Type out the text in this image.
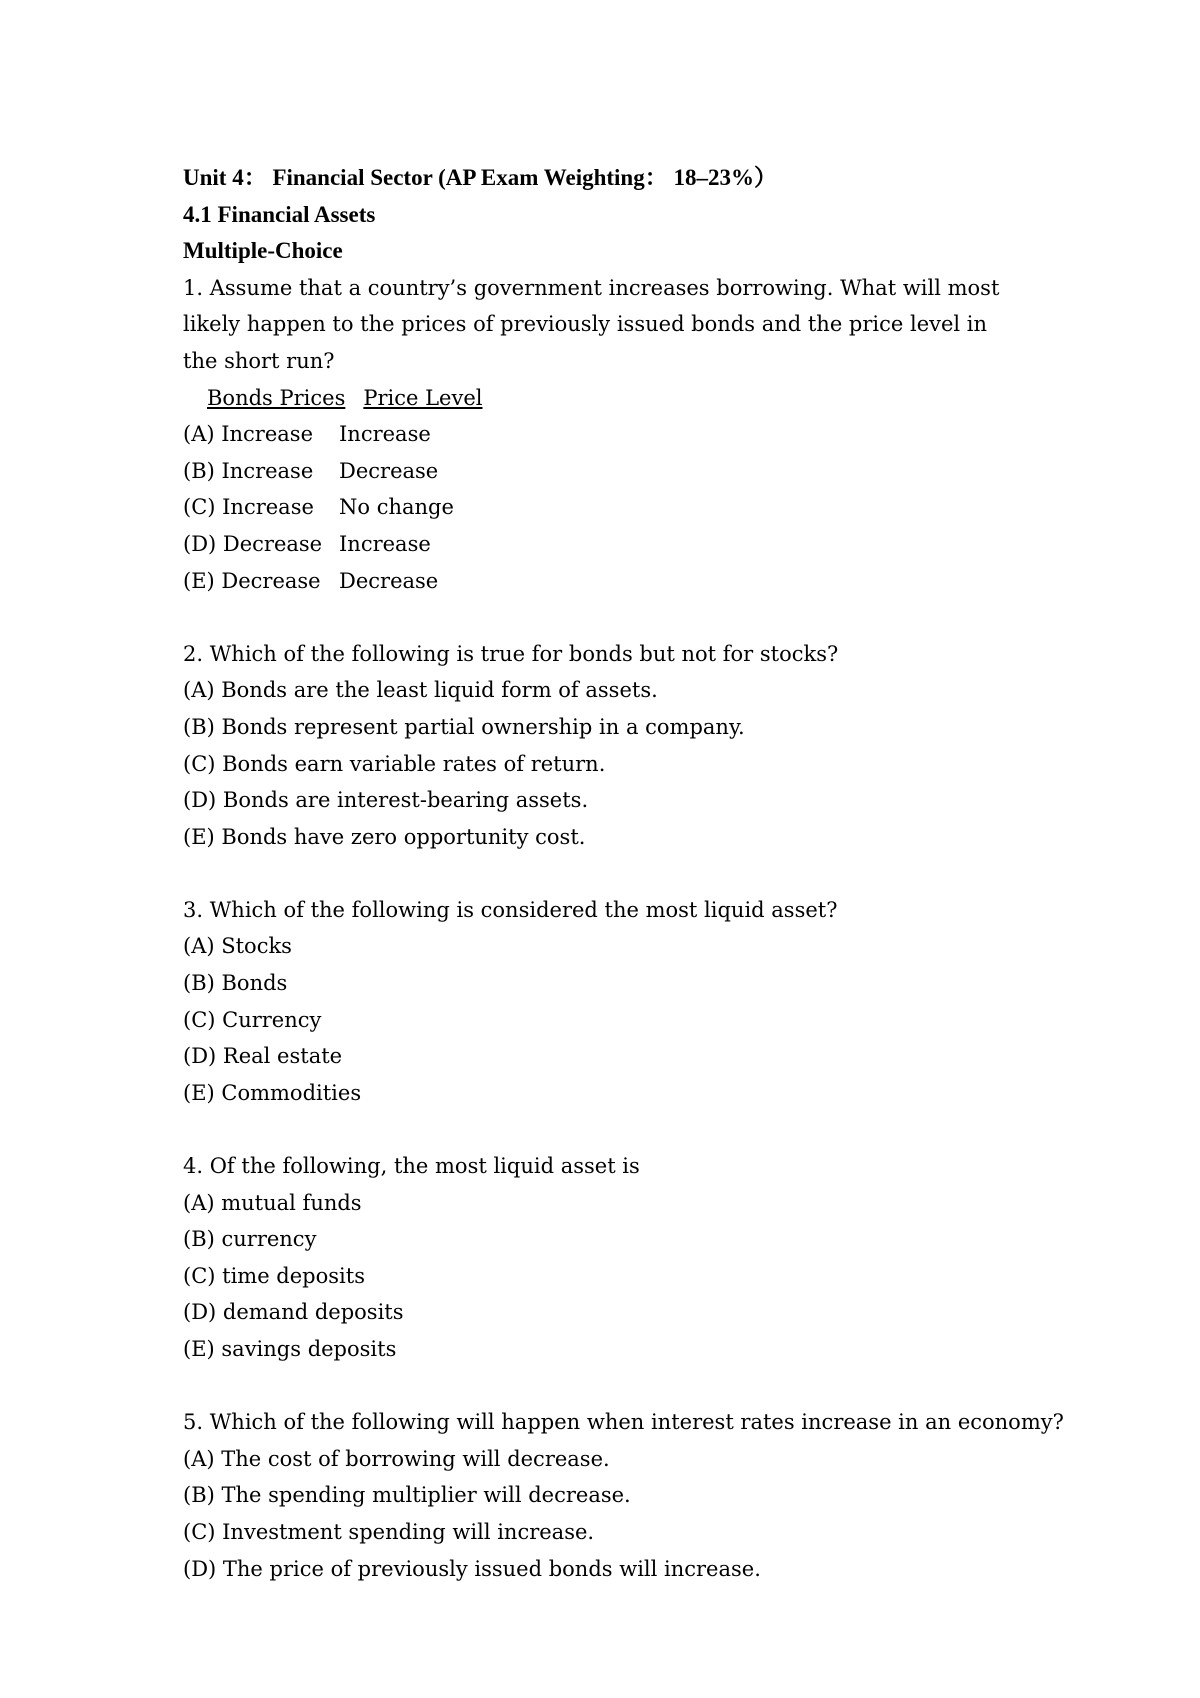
Unit 4： Financial Sector (AP Exam Weighting： 18–23%）
4.1 Financial Assets
Multiple-Choice
1. Assume that a country’s government increases borrowing. What will most likely happen to the prices of previously issued bonds and the price level in the short run?
Bonds Prices Price Level
(A) Increase	Increase
(B) Increase	Decrease
(C) Increase	No change
(D) Decrease Increase
(E) Decrease Decrease
2. Which of the following is true for bonds but not for stocks?
(A) Bonds are the least liquid form of assets.
(B) Bonds represent partial ownership in a company.
(C) Bonds earn variable rates of return.
(D) Bonds are interest-bearing assets.
(E) Bonds have zero opportunity cost.
3. Which of the following is considered the most liquid asset?
(A) Stocks
(B) Bonds
(C) Currency
(D) Real estate
(E) Commodities
4. Of the following, the most liquid asset is
(A) mutual funds
(B) currency
(C) time deposits
(D) demand deposits
(E) savings deposits
5. Which of the following will happen when interest rates increase in an economy?
(A) The cost of borrowing will decrease.
(B) The spending multiplier will decrease.
(C) Investment spending will increase.
(D) The price of previously issued bonds will increase.
